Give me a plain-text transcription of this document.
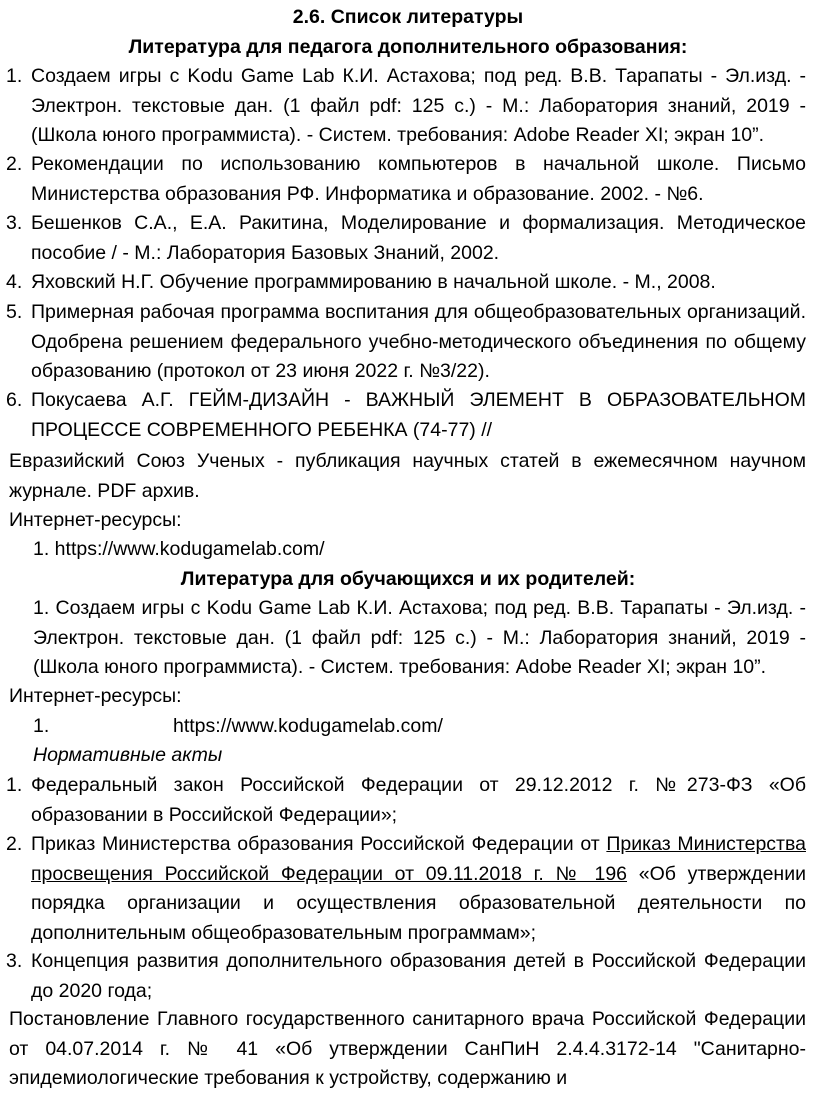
2.6. Список литературы
Литература для педагога дополнительного образования:
1. Создаем игры с Kodu Game Lab К.И. Астахова; под ред. В.В. Тарапаты - Эл.изд. - Электрон. текстовые дан. (1 файл pdf: 125 с.) - М.: Лаборатория знаний, 2019 - (Школа юного программиста). - Систем. требования: Adobe Reader XI; экран 10”.
2. Рекомендации по использованию компьютеров в начальной школе. Письмо Министерства образования РФ. Информатика и образование. 2002. - №6.
3. Бешенков С.А., Е.А. Ракитина, Моделирование и формализация. Методическое пособие / - М.: Лаборатория Базовых Знаний, 2002.
4. Яховский Н.Г. Обучение программированию в начальной школе. - М., 2008.
5. Примерная рабочая программа воспитания для общеобразовательных организаций. Одобрена решением федерального учебно-методического объединения по общему образованию (протокол от 23 июня 2022 г. №3/22).
6. Покусаева А.Г. ГЕЙМ-ДИЗАЙН - ВАЖНЫЙ ЭЛЕМЕНТ В ОБРАЗОВАТЕЛЬНОМ ПРОЦЕССЕ СОВРЕМЕННОГО РЕБЕНКА (74-77) //
Евразийский Союз Ученых - публикация научных статей в ежемесячном научном журнале. PDF архив.
Интернет-ресурсы:
1. https://www.kodugamelab.com/
Литература для обучающихся и их родителей:
1. Создаем игры с Kodu Game Lab К.И. Астахова; под ред. В.В. Тарапаты - Эл.изд. - Электрон. текстовые дан. (1 файл pdf: 125 с.) - М.: Лаборатория знаний, 2019 - (Школа юного программиста). - Систем. требования: Adobe Reader XI; экран 10”.
Интернет-ресурсы:
1.	https://www.kodugamelab.com/
Нормативные акты
1. Федеральный закон Российской Федерации от 29.12.2012 г. №273-ФЗ «Об образовании в Российской Федерации»;
2. Приказ Министерства образования Российской Федерации от Приказ Министерства просвещения Российской Федерации от 09.11.2018 г. № 196 «Об утверждении порядка организации и осуществления образовательной деятельности по дополнительным общеобразовательным программам»;
3. Концепция развития дополнительного образования детей в Российской Федерации до 2020 года;
Постановление Главного государственного санитарного врача Российской Федерации от 04.07.2014 г. № 41 «Об утверждении СанПиН 2.4.4.3172-14 "Санитарно-эпидемиологические требования к устройству, содержанию и
